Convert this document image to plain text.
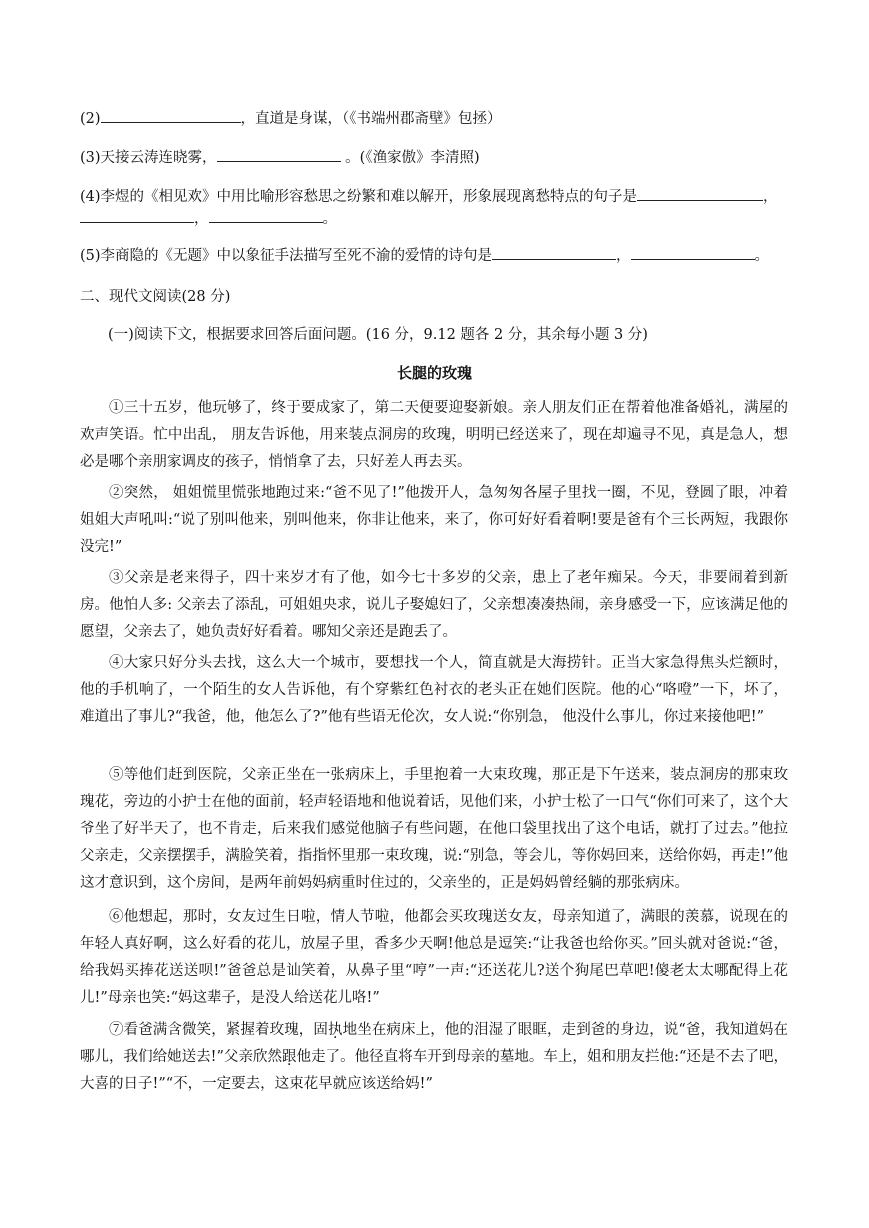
(2)	，直道是身谋，（《书端州郡斋壁》包拯）
(3)天接云涛连晓雾，	。(《渔家傲》李清照)
(4)李煜的《相见欢》中用比喻形容愁思之纷繁和难以解开，形象展现离愁特点的句子是	，
，	。
(5)李商隐的《无题》中以象征手法描写至死不渝的爱情的诗句是	，	。
二、现代文阅读(28 分)
(一)阅读下文，根据要求回答后面问题。(16 分，9.12 题各 2 分，其余每小题 3 分)
长腿的玫瑰
①三十五岁，他玩够了，终于要成家了，第二天便要迎娶新娘。亲人朋友们正在帮着他准备婚礼，满屋的欢声笑语。忙中出乱， 朋友告诉他，用来装点洞房的玫瑰，明明已经送来了，现在却遍寻不见，真是急人，想必是哪个亲朋家调皮的孩子，悄悄拿了去，只好差人再去买。
②突然， 姐姐慌里慌张地跑过来:“爸不见了!”他拨开人，急匆匆各屋子里找一圈，不见，登圆了眼，冲着姐姐大声吼叫:“说了别叫他来，别叫他来，你非让他来，来了，你可好好看着啊!要是爸有个三长两短，我跟你没完!”
③父亲是老来得子，四十来岁才有了他，如今七十多岁的父亲，患上了老年痴呆。今天，非要闹着到新房。他怕人多: 父亲去了添乱，可姐姐央求，说儿子娶媳妇了，父亲想凑凑热闹，亲身感受一下，应该满足他的愿望，父亲去了，她负责好好看着。哪知父亲还是跑丢了。
④大家只好分头去找，这么大一个城市，要想找一个人，简直就是大海捞针。正当大家急得焦头烂额时，他的手机响了，一个陌生的女人告诉他，有个穿紫红色衬衣的老头正在她们医院。他的心“咯噔”一下，坏了，难道出了事儿?“我爸，他，他怎么了?”他有些语无伦次，女人说:“你别急， 他没什么事儿，你过来接他吧!”
⑤等他们赶到医院，父亲正坐在一张病床上，手里抱着一大束玫瑰，那正是下午送来，装点洞房的那束玫瑰花，旁边的小护士在他的面前，轻声轻语地和他说着话，见他们来，小护士松了一口气“你们可来了，这个大爷坐了好半天了，也不肯走，后来我们感觉他脑子有些问题，在他口袋里找出了这个电话，就打了过去。”他拉父亲走，父亲摆摆手，满脸笑着，指指怀里那一束玫瑰，说:“别急，等会儿，等你妈回来，送给你妈，再走!”他这才意识到，这个房间，是两年前妈妈病重时住过的，父亲坐的，正是妈妈曾经躺的那张病床。
⑥他想起，那时，女友过生日啦，情人节啦，他都会买玫瑰送女友，母亲知道了，满眼的羡慕，说现在的年轻人真好啊，这么好看的花儿，放屋子里，香多少天啊!他总是逗笑:“让我爸也给你买。”回头就对爸说:“爸，给我妈买捧花送送呗!”爸爸总是讪笑着，从鼻子里“哼”一声:“还送花儿?送个狗尾巴草吧!傻老太太哪配得上花儿!”母亲也笑:“妈这辈子，是没人给送花儿咯!”
⑦看爸满含微笑，紧握着玫瑰，固执地坐在病床上，他的泪湿了眼眶，走到爸的身边，说“爸，我知道妈在哪儿，我们给她送去!”父亲欣然跟他走了。他径直将车开到母亲的墓地。车上，姐和朋友拦他:“还是不去了吧，大喜的日子!”“不，一定要去，这束花早就应该送给妈!”
